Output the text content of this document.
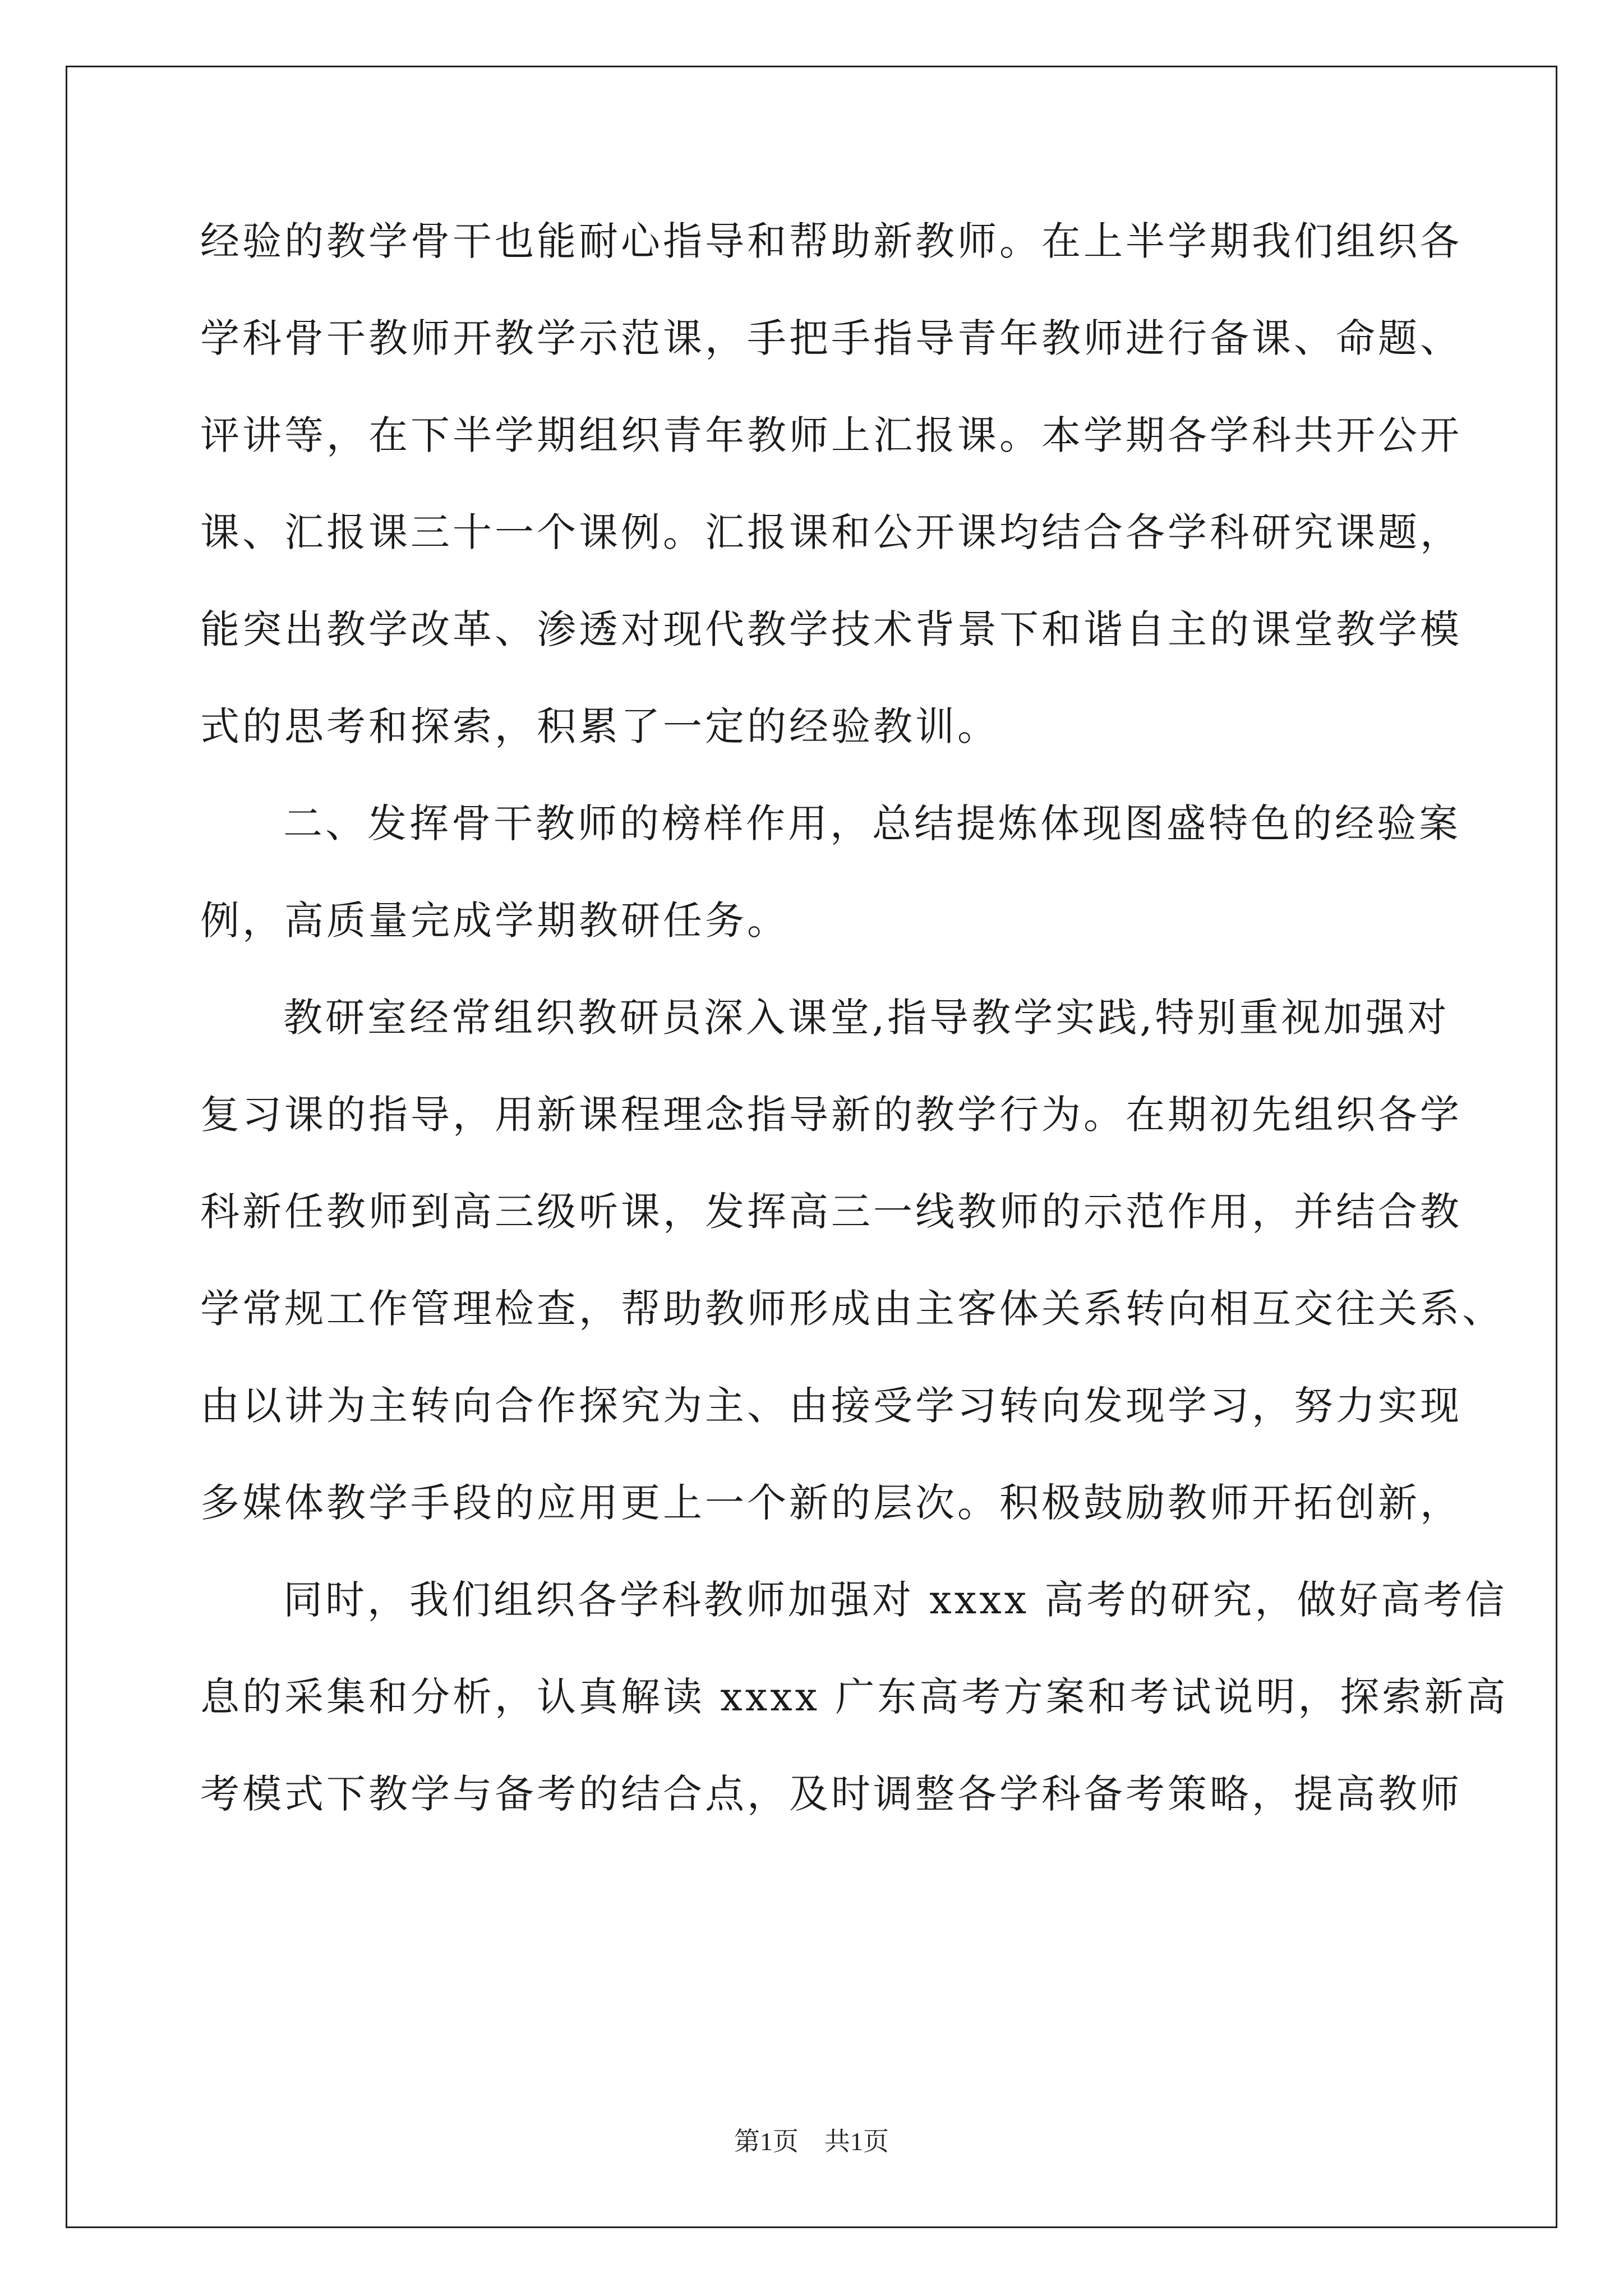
经验的教学骨干也能耐心指导和帮助新教师。在上半学期我们组织各
学科骨干教师开教学示范课，手把手指导青年教师进行备课、命题、
评讲等，在下半学期组织青年教师上汇报课。本学期各学科共开公开
课、汇报课三十一个课例。汇报课和公开课均结合各学科研究课题，
能突出教学改革、渗透对现代教学技术背景下和谐自主的课堂教学模
式的思考和探索，积累了一定的经验教训。
二、发挥骨干教师的榜样作用，总结提炼体现图盛特色的经验案
例，高质量完成学期教研任务。
教研室经常组织教研员深入课堂,指导教学实践,特别重视加强对
复习课的指导，用新课程理念指导新的教学行为。在期初先组织各学
科新任教师到高三级听课，发挥高三一线教师的示范作用，并结合教
学常规工作管理检查，帮助教师形成由主客体关系转向相互交往关系、
由以讲为主转向合作探究为主、由接受学习转向发现学习，努力实现
多媒体教学手段的应用更上一个新的层次。积极鼓励教师开拓创新，
同时，我们组织各学科教师加强对 xxxx 高考的研究，做好高考信
息的采集和分析，认真解读 xxxx 广东高考方案和考试说明，探索新高
考模式下教学与备考的结合点，及时调整各学科备考策略，提高教师
第1页　共1页
